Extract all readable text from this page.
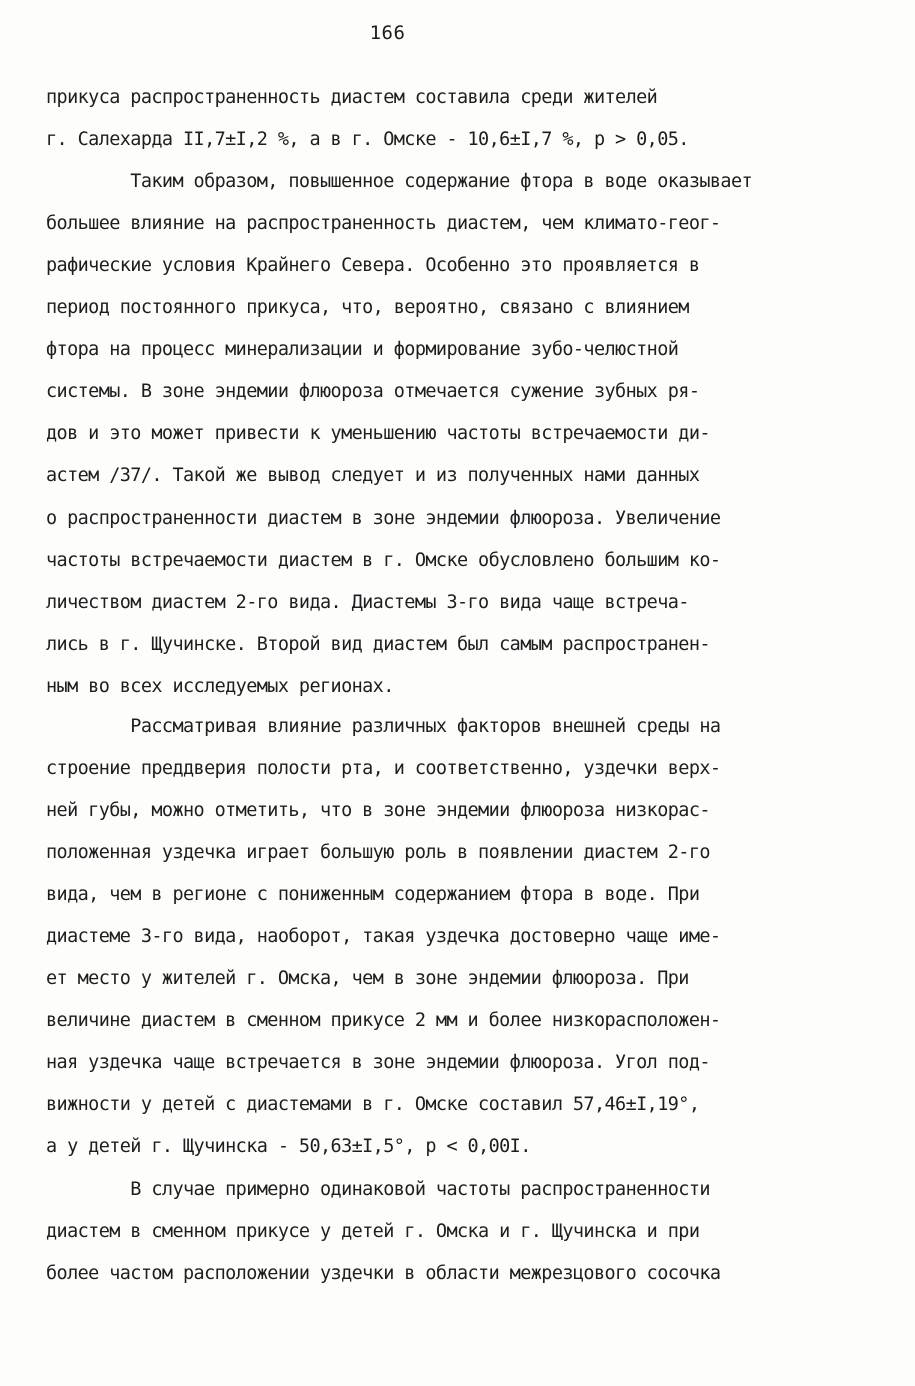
166
прикуса распространенность диастем составила среди жителей
г. Салехарда II,7±I,2 %, а в г. Омске - 10,6±I,7 %, р > 0,05.
Таким образом, повышенное содержание фтора в воде оказывает
большее влияние на распространенность диастем, чем климато-геог-
рафические условия Крайнего Севера. Особенно это проявляется в
период постоянного прикуса, что, вероятно, связано с влиянием
фтора на процесс минерализации и формирование зубо-челюстной
системы. В зоне эндемии флюороза отмечается сужение зубных ря-
дов и это может привести к уменьшению частоты встречаемости ди-
астем /37/. Такой же вывод следует и из полученных нами данных
о распространенности диастем в зоне эндемии флюороза. Увеличение
частоты встречаемости диастем в г. Омске обусловлено большим ко-
личеством диастем 2-го вида. Диастемы 3-го вида чаще встреча-
лись в г. Щучинске. Второй вид диастем был самым распространен-
ным во всех исследуемых регионах.
Рассматривая влияние различных факторов внешней среды на
строение преддверия полости рта, и соответственно, уздечки верх-
ней губы, можно отметить, что в зоне эндемии флюороза низкорас-
положенная уздечка играет большую роль в появлении диастем 2-го
вида, чем в регионе с пониженным содержанием фтора в воде. При
диастеме 3-го вида, наоборот, такая уздечка достоверно чаще име-
ет место у жителей г. Омска, чем в зоне эндемии флюороза. При
величине диастем в сменном прикусе 2 мм и более низкорасположен-
ная уздечка чаще встречается в зоне эндемии флюороза. Угол под-
вижности у детей с диастемами в г. Омске составил 57,46±I,19°,
а у детей г. Щучинска - 50,63±I,5°, р < 0,00I.
В случае примерно одинаковой частоты распространенности
диастем в сменном прикусе у детей г. Омска и г. Щучинска и при
более частом расположении уздечки в области межрезцового сосочка
